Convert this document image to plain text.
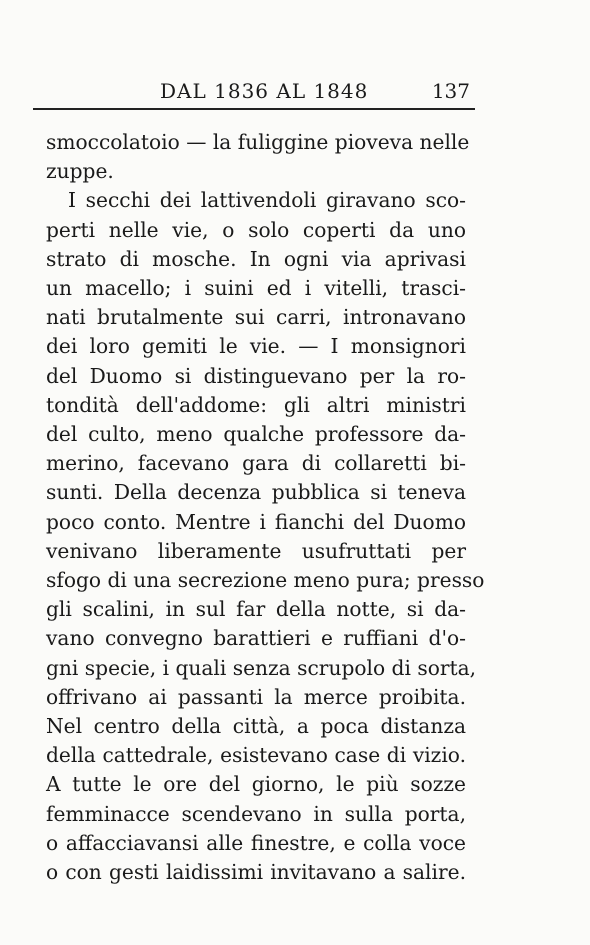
DAL 1836 AL 1848	137
smoccolatoio — la fuliggine pioveva nelle
zuppe.
I secchi dei lattivendoli giravano sco-
perti nelle vie, o solo coperti da uno
strato di mosche. In ogni via aprivasi
un macello; i suini ed i vitelli, trasci-
nati brutalmente sui carri, intronavano
dei loro gemiti le vie. — I monsignori
del Duomo si distinguevano per la ro-
tondità dell'addome: gli altri ministri
del culto, meno qualche professore da-
merino, facevano gara di collaretti bi-
sunti. Della decenza pubblica si teneva
poco conto. Mentre i fianchi del Duomo
venivano liberamente usufruttati per
sfogo di una secrezione meno pura; presso
gli scalini, in sul far della notte, si da-
vano convegno barattieri e ruffiani d'o-
gni specie, i quali senza scrupolo di sorta,
offrivano ai passanti la merce proibita.
Nel centro della città, a poca distanza
della cattedrale, esistevano case di vizio.
A tutte le ore del giorno, le più sozze
femminacce scendevano in sulla porta,
o affacciavansi alle finestre, e colla voce
o con gesti laidissimi invitavano a salire.
